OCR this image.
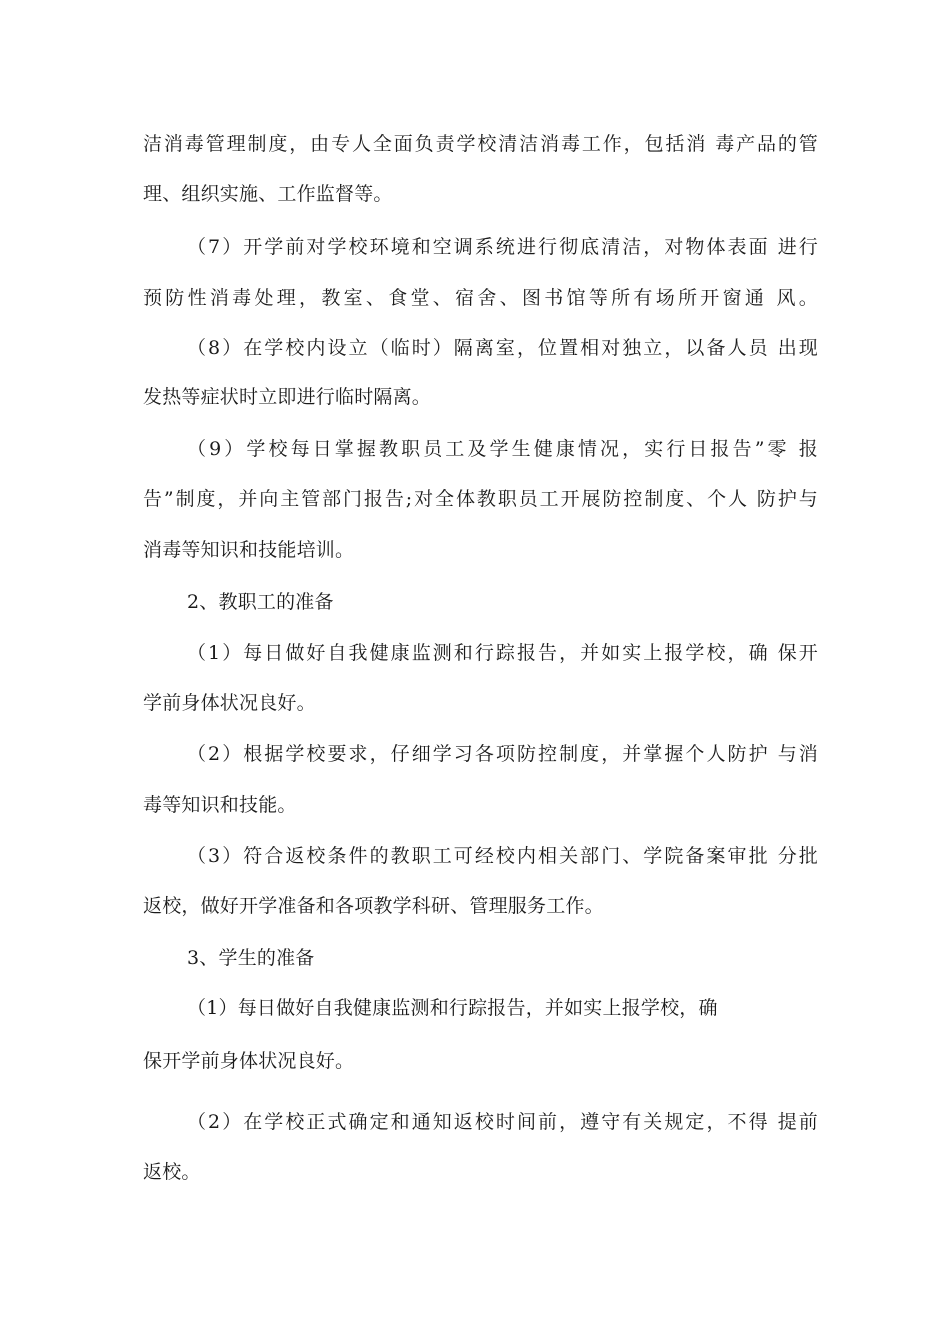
洁消毒管理制度，由专人全面负责学校清洁消毒工作，包括消 毒产品的管
理、组织实施、工作监督等。
（7）开学前对学校环境和空调系统进行彻底清洁，对物体表面 进行
预防性消毒处理，教室、食堂、宿舍、图书馆等所有场所开窗通 风。
（8）在学校内设立（临时）隔离室，位置相对独立，以备人员 出现
发热等症状时立即进行临时隔离。
（9）学校每日掌握教职员工及学生健康情况，实行日报告”零 报
告”制度，并向主管部门报告;对全体教职员工开展防控制度、个人 防护与
消毒等知识和技能培训。
2、教职工的准备
（1）每日做好自我健康监测和行踪报告，并如实上报学校，确 保开
学前身体状况良好。
（2）根据学校要求，仔细学习各项防控制度，并掌握个人防护 与消
毒等知识和技能。
（3）符合返校条件的教职工可经校内相关部门、学院备案审批 分批
返校，做好开学准备和各项教学科研、管理服务工作。
3、学生的准备
（1）每日做好自我健康监测和行踪报告，并如实上报学校，确
保开学前身体状况良好。
（2）在学校正式确定和通知返校时间前，遵守有关规定，不得 提前
返校。
